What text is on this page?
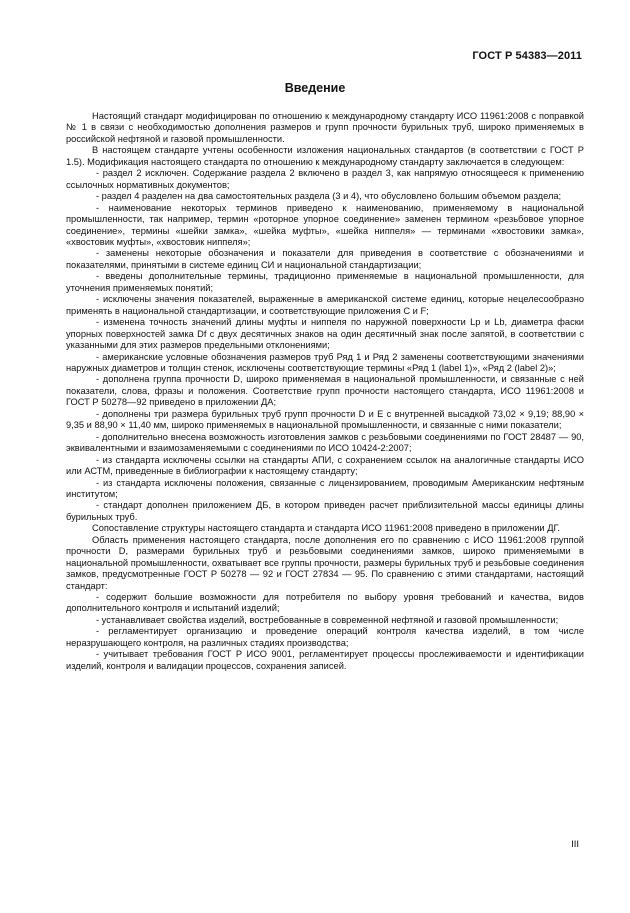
ГОСТ Р 54383—2011
Введение

Настоящий стандарт модифицирован по отношению к международному стандарту ИСО 11961:2008 с поправкой № 1 в связи с необходимостью дополнения размеров и групп прочности бурильных труб, широко применяемых в российской нефтяной и газовой промышленности.

В настоящем стандарте учтены особенности изложения национальных стандартов (в соответствии с ГОСТ Р 1.5). Модификация настоящего стандарта по отношению к международному стандарту заключается в следующем:

- раздел 2 исключен. Содержание раздела 2 включено в раздел 3, как напрямую относящееся к применению ссылочных нормативных документов;

- раздел 4 разделен на два самостоятельных раздела (3 и 4), что обусловлено большим объемом раздела;

- наименование некоторых терминов приведено к наименованию, применяемому в национальной промышленности, так например, термин «роторное упорное соединение» заменен термином «резьбовое упорное соединение», термины «шейки замка», «шейка муфты», «шейка ниппеля» — терминами «хвостовики замка», «хвостовик муфты», «хвостовик ниппеля»;

- заменены некоторые обозначения и показатели для приведения в соответствие с обозначениями и показателями, принятыми в системе единиц СИ и национальной стандартизации;

- введены дополнительные термины, традиционно применяемые в национальной промышленности, для уточнения применяемых понятий;

- исключены значения показателей, выраженные в американской системе единиц, которые нецелесообразно применять в национальной стандартизации, и соответствующие приложения С и F;

- изменена точность значений длины муфты и ниппеля по наружной поверхности Lр и Lb, диаметра фаски упорных поверхностей замка Df с двух десятичных знаков на один десятичный знак после запятой, в соответствии с указанными для этих размеров предельными отклонениями;

- американские условные обозначения размеров труб Ряд 1 и Ряд 2 заменены соответствующими значениями наружных диаметров и толщин стенок, исключены соответствующие термины «Ряд 1 (label 1)», «Ряд 2 (label 2)»;

- дополнена группа прочности D, широко применяемая в национальной промышленности, и связанные с ней показатели, слова, фразы и положения. Соответствие групп прочности настоящего стандарта, ИСО 11961:2008 и ГОСТ Р 50278—92 приведено в приложении ДА;

- дополнены три размера бурильных труб групп прочности D и Е с внутренней высадкой 73,02 × 9,19; 88,90 × 9,35 и 88,90 × 11,40 мм, широко применяемых в национальной промышленности, и связанные с ними показатели;

- дополнительно внесена возможность изготовления замков с резьбовыми соединениями по ГОСТ 28487 — 90, эквивалентными и взаимозаменяемыми с соединениями по ИСО 10424-2:2007;

- из стандарта исключены ссылки на стандарты АПИ, с сохранением ссылок на аналогичные стандарты ИСО или АСТМ, приведенные в библиографии к настоящему стандарту;

- из стандарта исключены положения, связанные с лицензированием, проводимым Американским нефтяным институтом;

- стандарт дополнен приложением ДБ, в котором приведен расчет приблизительной массы единицы длины бурильных труб.

Сопоставление структуры настоящего стандарта и стандарта ИСО 11961:2008 приведено в приложении ДГ.

Область применения настоящего стандарта, после дополнения его по сравнению с ИСО 11961:2008 группой прочности D, размерами бурильных труб и резьбовыми соединениями замков, широко применяемыми в национальной промышленности, охватывает все группы прочности, размеры бурильных труб и резьбовые соединения замков, предусмотренные ГОСТ Р 50278 — 92 и ГОСТ 27834 — 95. По сравнению с этими стандартами, настоящий стандарт:

- содержит большие возможности для потребителя по выбору уровня требований и качества, видов дополнительного контроля и испытаний изделий;

- устанавливает свойства изделий, востребованные в современной нефтяной и газовой промышленности;

- регламентирует организацию и проведение операций контроля качества изделий, в том числе неразрушающего контроля, на различных стадиях производства;

- учитывает требования ГОСТ Р ИСО 9001, регламентирует процессы прослеживаемости и идентификации изделий, контроля и валидации процессов, сохранения записей.

III
